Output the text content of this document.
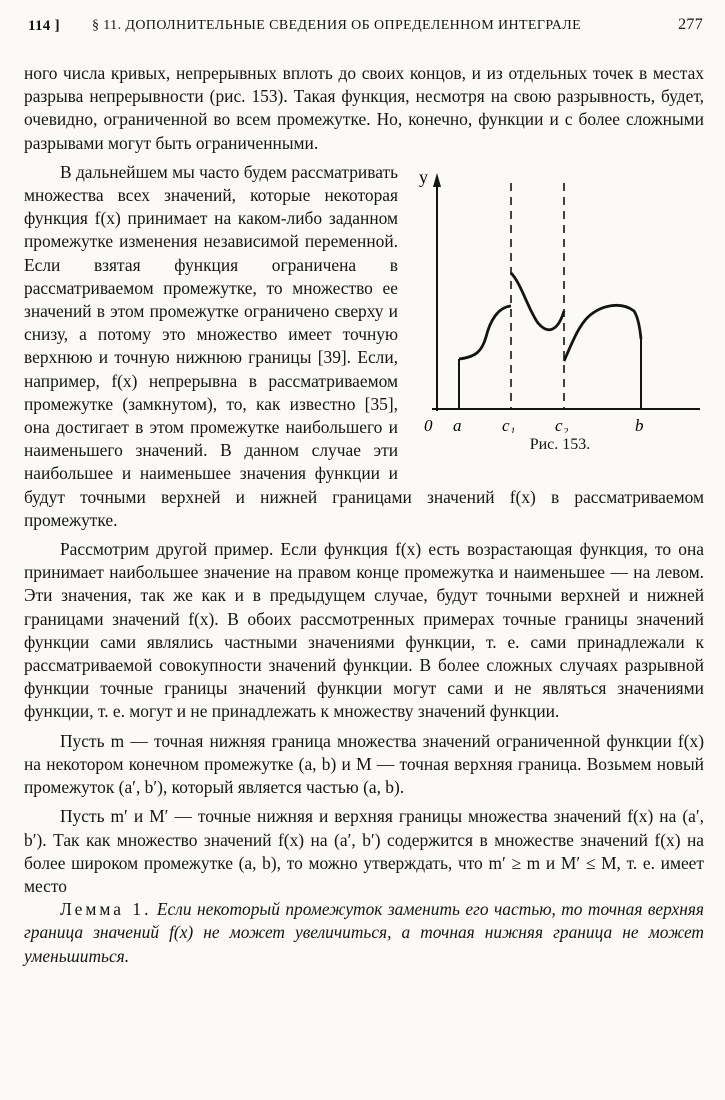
114 ] § 11. ДОПОЛНИТЕЛЬНЫЕ СВЕДЕНИЯ ОБ ОПРЕДЕЛЕННОМ ИНТЕГРАЛЕ	277

ного числа кривых, непрерывных вплоть до своих концов, и из отдельных точек в местах разрыва непрерывности (рис. 153). Такая функция, несмотря на свою разрывность, будет, очевидно, ограниченной во всем промежутке. Но, конечно, функции и с более сложными разрывами могут быть ограниченными.

y
0 a c₁ c₂	b
Рис. 153.

В дальнейшем мы часто будем рассматривать множества всех значений, которые некоторая функция f(x) принимает на каком-либо заданном промежутке изменения независимой переменной. Если взятая функция ограничена в рассматриваемом промежутке, то множество ее значений в этом промежутке ограничено сверху и снизу, а потому это множество имеет точную верхнюю и точную нижнюю границы [39]. Если, например, f(x) непрерывна в рассматриваемом промежутке (замкнутом), то, как известно [35], она достигает в этом промежутке наибольшего и наименьшего значений. В данном случае эти наибольшее и наименьшее значения функции и будут точными верхней и нижней границами значений f(x) в рассматриваемом промежутке.

Рассмотрим другой пример. Если функция f(x) есть возрастающая функция, то она принимает наибольшее значение на правом конце промежутка и наименьшее — на левом. Эти значения, так же как и в предыдущем случае, будут точными верхней и нижней границами значений f(x). В обоих рассмотренных примерах точные границы значений функции сами являлись частными значениями функции, т. е. сами принадлежали к рассматриваемой совокупности значений функции. В более сложных случаях разрывной функции точные границы значений функции могут сами и не являться значениями функции, т. е. могут и не принадлежать к множеству значений функции.

Пусть m — точная нижняя граница множества значений ограниченной функции f(x) на некотором конечном промежутке (a, b) и M — точная верхняя граница. Возьмем новый промежуток (a′, b′), который является частью (a, b).

Пусть m′ и M′ — точные нижняя и верхняя границы множества значений f(x) на (a′, b′). Так как множество значений f(x) на (a′, b′) содержится в множестве значений f(x) на более широком промежутке (a, b), то можно утверждать, что m′ ≥ m и M′ ≤ M, т. е. имеет место

Лемма 1. Если некоторый промежуток заменить его частью, то точная верхняя граница значений f(x) не может увеличиться, а точная нижняя граница не может уменьшиться.
